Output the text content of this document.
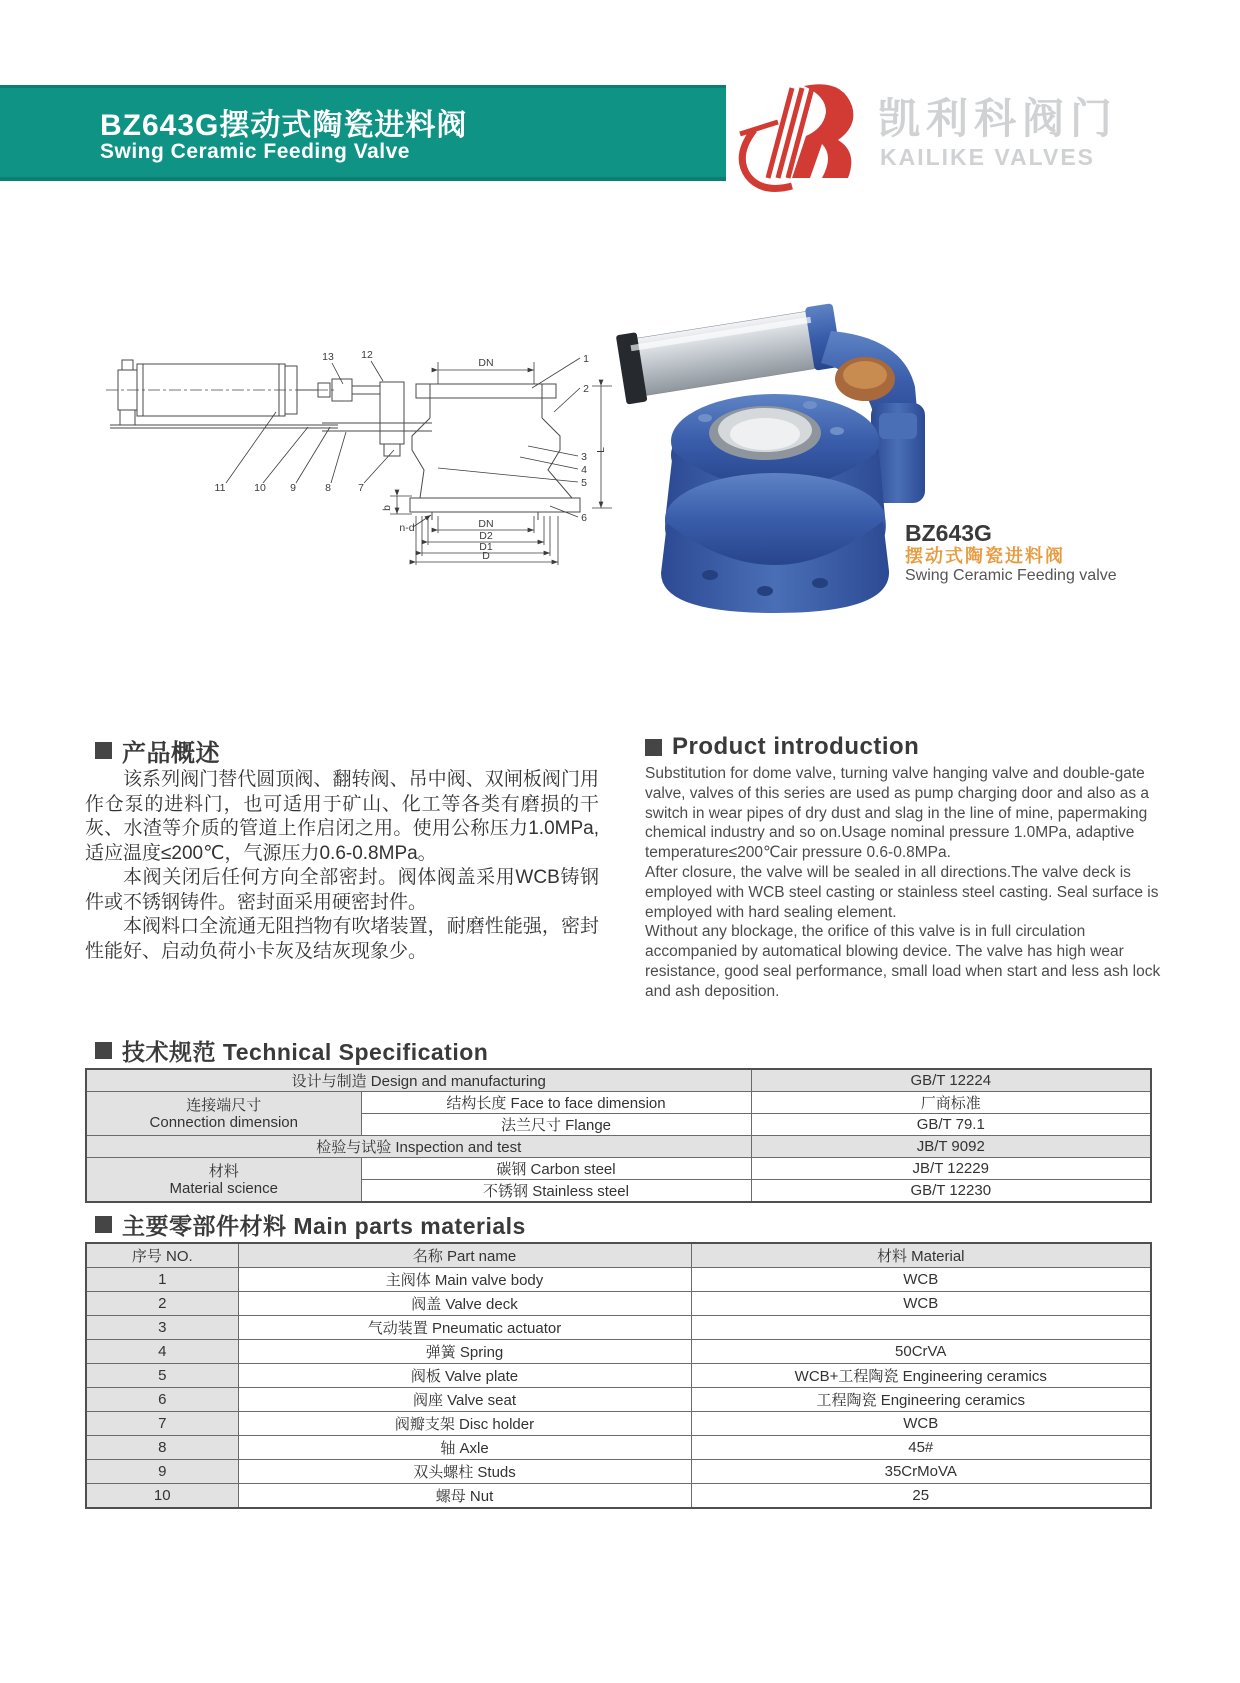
BZ643G摆动式陶瓷进料阀
Swing Ceramic Feeding Valve
凯利科阀门
KAILIKE VALVES
13	12	1
2
3
4
5
6
11	10 9	8	7
DN
b
n-d	DN
D2
D1
D
L
BZ643G
摆动式陶瓷进料阀
Swing Ceramic Feeding valve
产品概述

该系列阀门替代圆顶阀、翻转阀、吊中阀、双闸板阀门用作仓泵的进料门，也可适用于矿山、化工等各类有磨损的干灰、水渣等介质的管道上作启闭之用。使用公称压力1.0MPa,适应温度≤200℃，气源压力0.6-0.8MPa。

本阀关闭后任何方向全部密封。阀体阀盖采用WCB铸钢件或不锈钢铸件。密封面采用硬密封件。

本阀料口全流通无阻挡物有吹堵装置，耐磨性能强，密封性能好、启动负荷小卡灰及结灰现象少。

Product introduction

Substitution for dome valve, turning valve hanging valve and double-gate valve, valves of this series are used as pump charging door and also as a switch in wear pipes of dry dust and slag in the line of mine, papermaking chemical industry and so on.Usage nominal pressure 1.0MPa, adaptive temperature≤200℃air pressure 0.6-0.8MPa.

After closure, the valve will be sealed in all directions.The valve deck is employed with WCB steel casting or stainless steel casting. Seal surface is employed with hard sealing element.

Without any blockage, the orifice of this valve is in full circulation accompanied by automatical blowing device. The valve has high wear resistance, good seal performance, small load when start and less ash lock and ash deposition.

技术规范 Technical Specification
设计与制造 Design and manufacturing		GB/T 12224
连接端尺寸
Connection dimension	结构长度 Face to face dimension	厂商标准
	法兰尺寸 Flange	GB/T 79.1
检验与试验 Inspection and test		JB/T 9092
材料
Material science	碳钢 Carbon steel	JB/T 12229
	不锈钢 Stainless steel	GB/T 12230
主要零部件材料 Main parts materials
序号 NO.	名称 Part name	材料 Material
1	主阀体 Main valve body	WCB
2	阀盖 Valve deck	WCB
3	气动装置 Pneumatic actuator	
4	弹簧 Spring	50CrVA
5	阀板 Valve plate	WCB+工程陶瓷 Engineering ceramics
6	阀座 Valve seat	工程陶瓷 Engineering ceramics
7	阀瓣支架 Disc holder	WCB
8	轴 Axle	45#
9	双头螺柱 Studs	35CrMoVA
10	螺母 Nut	25
